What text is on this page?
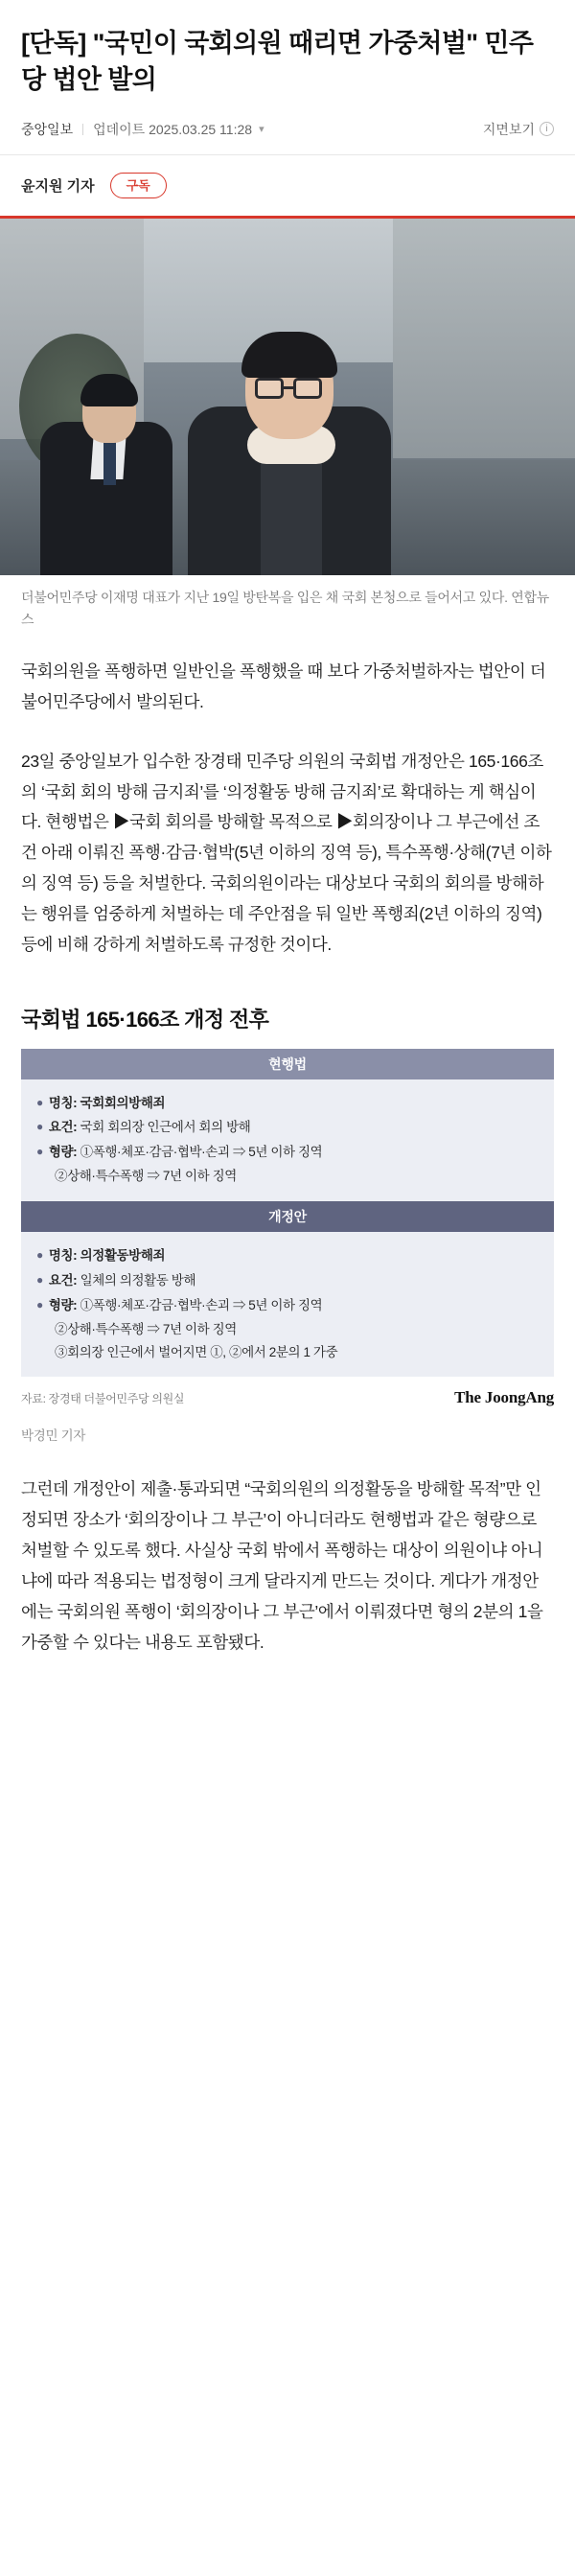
[단독] "국민이 국회의원 때리면 가중처벌" 민주당 법안 발의
중앙일보 업데이트 2025.03.25 11:28 ▾	지면보기	i
윤지원 기자	구독
더불어민주당 이재명 대표가 지난 19일 방탄복을 입은 채 국회 본청으로 들어서고 있다. 연합뉴스

국회의원을 폭행하면 일반인을 폭행했을 때 보다 가중처벌하자는 법안이 더불어민주당에서 발의된다.

23일 중앙일보가 입수한 장경태 민주당 의원의 국회법 개정안은 165·166조의 ‘국회 회의 방해 금지죄’를 ‘의정활동 방해 금지죄’로 확대하는 게 핵심이다. 현행법은 ▶국회 회의를 방해할 목적으로 ▶회의장이나 그 부근에선 조건 아래 이뤄진 폭행·감금·협박(5년 이하의 징역 등), 특수폭행·상해(7년 이하의 징역 등) 등을 처벌한다. 국회의원이라는 대상보다 국회의 회의를 방해하는 행위를 엄중하게 처벌하는 데 주안점을 둬 일반 폭행죄(2년 이하의 징역) 등에 비해 강하게 처벌하도록 규정한 것이다.

국회법 165·166조 개정 전후
현행법
● 명칭: 국회회의방해죄
● 요건: 국회 회의장 인근에서 회의 방해
● 형량: ①폭행·체포·감금·협박·손괴 ⇒ 5년 이하 징역
②상해·특수폭행 ⇒ 7년 이하 징역
개정안
● 명칭: 의정활동방해죄
● 요건: 일체의 의정활동 방해
● 형량: ①폭행·체포·감금·협박·손괴 ⇒ 5년 이하 징역
②상해·특수폭행 ⇒ 7년 이하 징역
③회의장 인근에서 벌어지면 ①, ②에서 2분의 1 가중
자료: 장경태 더불어민주당 의원실	The JoongAng
박경민 기자

그런데 개정안이 제출·통과되면 “국회의원의 의정활동을 방해할 목적”만 인정되면 장소가 ‘회의장이나 그 부근’이 아니더라도 현행법과 같은 형량으로 처벌할 수 있도록 했다. 사실상 국회 밖에서 폭행하는 대상이 의원이냐 아니냐에 따라 적용되는 법정형이 크게 달라지게 만드는 것이다. 게다가 개정안에는 국회의원 폭행이 ‘회의장이나 그 부근’에서 이뤄졌다면 형의 2분의 1을 가중할 수 있다는 내용도 포함됐다.
